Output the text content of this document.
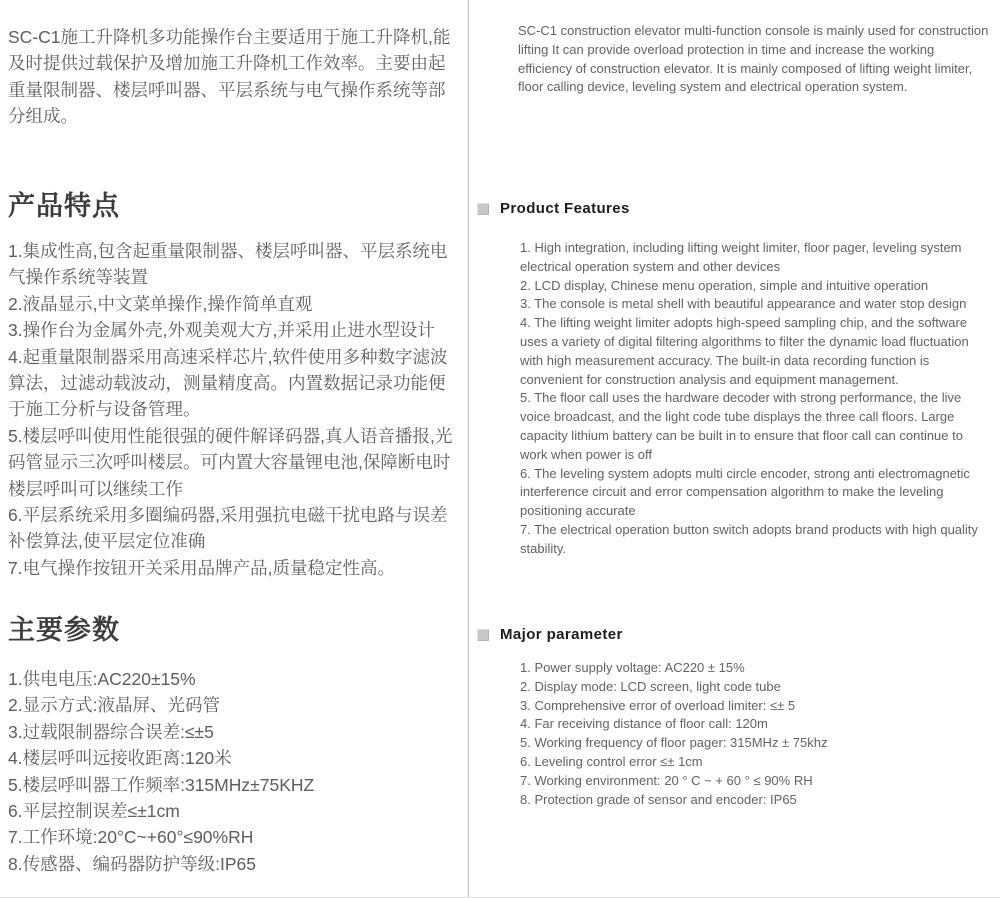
SC-C1施工升降机多功能操作台主要适用于施工升降机,能及时提供过载保护及增加施工升降机工作效率。主要由起重量限制器、楼层呼叫器、平层系统与电气操作系统等部分组成。

产品特点
1.集成性高,包含起重量限制器、楼层呼叫器、平层系统电气操作系统等装置
2.液晶显示,中文菜单操作,操作简单直观
3.操作台为金属外壳,外观美观大方,并采用止进水型设计
4.起重量限制器采用高速采样芯片,软件使用多种数字滤波算法，过滤动载波动，测量精度高。内置数据记录功能便于施工分析与设备管理。
5.楼层呼叫使用性能很强的硬件解译码器,真人语音播报,光码管显示三次呼叫楼层。可内置大容量锂电池,保障断电时楼层呼叫可以继续工作
6.平层系统采用多圈编码器,采用强抗电磁干扰电路与误差补偿算法,使平层定位准确
7.电气操作按钮开关采用品牌产品,质量稳定性高。
主要参数
1.供电电压:AC220±15%
2.显示方式:液晶屏、光码管
3.过载限制器综合误差:≤±5
4.楼层呼叫远接收距离:120米
5.楼层呼叫器工作频率:315MHz±75KHZ
6.平层控制误差≤±1cm
7.工作环境:20°C~+60°≤90%RH
8.传感器、编码器防护等级:IP65

SC-C1 construction elevator multi-function console is mainly used for construction lifting It can provide overload protection in time and increase the working efficiency of construction elevator. It is mainly composed of lifting weight limiter, floor calling device, leveling system and electrical operation system.

Product Features
1. High integration, including lifting weight limiter, floor pager, leveling system electrical operation system and other devices
2. LCD display, Chinese menu operation, simple and intuitive operation
3. The console is metal shell with beautiful appearance and water stop design
4. The lifting weight limiter adopts high-speed sampling chip, and the software uses a variety of digital filtering algorithms to filter the dynamic load fluctuation with high measurement accuracy. The built-in data recording function is convenient for construction analysis and equipment management.
5. The floor call uses the hardware decoder with strong performance, the live voice broadcast, and the light code tube displays the three call floors. Large capacity lithium battery can be built in to ensure that floor call can continue to work when power is off
6. The leveling system adopts multi circle encoder, strong anti electromagnetic interference circuit and error compensation algorithm to make the leveling positioning accurate
7. The electrical operation button switch adopts brand products with high quality stability.
Major parameter
1. Power supply voltage: AC220 ± 15%
2. Display mode: LCD screen, light code tube
3. Comprehensive error of overload limiter: ≤± 5
4. Far receiving distance of floor call: 120m
5. Working frequency of floor pager: 315MHz ± 75khz
6. Leveling control error ≤± 1cm
7. Working environment: 20 ° C ~ + 60 ° ≤ 90% RH
8. Protection grade of sensor and encoder: IP65
